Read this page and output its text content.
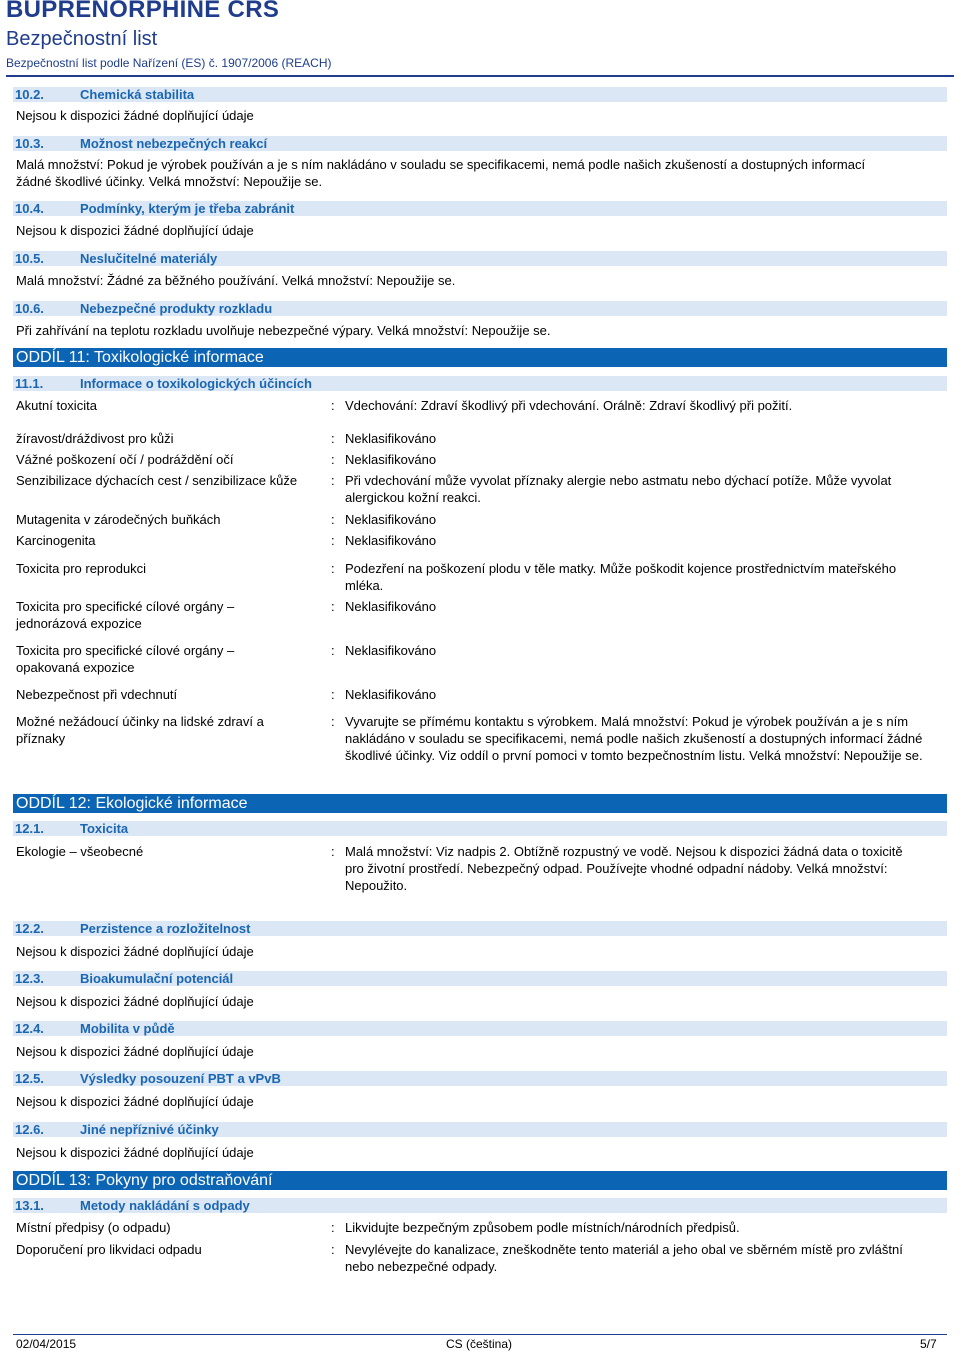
BUPRENORPHINE CRS
Bezpečnostní list
Bezpečnostní list podle Nařízení (ES) č. 1907/2006 (REACH)
10.2.	Chemická stabilita
Nejsou k dispozici žádné doplňující údaje
10.3.	Možnost nebezpečných reakcí
Malá množství: Pokud je výrobek používán a je s ním nakládáno v souladu se specifikacemi, nemá podle našich zkušeností a dostupných informací
žádné škodlivé účinky. Velká množství: Nepoužije se.
10.4.	Podmínky, kterým je třeba zabránit
Nejsou k dispozici žádné doplňující údaje
10.5.	Neslučitelné materiály
Malá množství: Žádné za běžného používání. Velká množství: Nepoužije se.
10.6.	Nebezpečné produkty rozkladu
Při zahřívání na teplotu rozkladu uvolňuje nebezpečné výpary. Velká množství: Nepoužije se.
ODDÍL 11: Toxikologické informace
11.1.	Informace o toxikologických účincích
Akutní toxicita	: Vdechování: Zdraví škodlivý při vdechování. Orálně: Zdraví škodlivý při požití.
žíravost/dráždivost pro kůži	: Neklasifikováno
Vážné poškození očí / podráždění očí	: Neklasifikováno
Senzibilizace dýchacích cest / senzibilizace kůže	: Při vdechování může vyvolat příznaky alergie nebo astmatu nebo dýchací potíže. Může vyvolat alergickou kožní reakci.
Mutagenita v zárodečných buňkách	: Neklasifikováno
Karcinogenita	: Neklasifikováno
Toxicita pro reprodukci	: Podezření na poškození plodu v těle matky. Může poškodit kojence prostřednictvím mateřského mléka.
Toxicita pro specifické cílové orgány – jednorázová expozice
: Neklasifikováno
Toxicita pro specifické cílové orgány – opakovaná expozice
: Neklasifikováno
Nebezpečnost při vdechnutí	: Neklasifikováno
Možné nežádoucí účinky na lidské zdraví a příznaky
: Vyvarujte se přímému kontaktu s výrobkem. Malá množství: Pokud je výrobek používán a je s ním nakládáno v souladu se specifikacemi, nemá podle našich zkušeností a dostupných informací žádné škodlivé účinky. Viz oddíl o první pomoci v tomto bezpečnostním listu. Velká množství: Nepoužije se.
ODDÍL 12: Ekologické informace
12.1.	Toxicita
Ekologie – všeobecné	: Malá množství: Viz nadpis 2. Obtížně rozpustný ve vodě. Nejsou k dispozici žádná data o toxicitě pro životní prostředí. Nebezpečný odpad. Používejte vhodné odpadní nádoby. Velká množství: Nepoužito.
12.2.	Perzistence a rozložitelnost
Nejsou k dispozici žádné doplňující údaje
12.3.	Bioakumulační potenciál
Nejsou k dispozici žádné doplňující údaje
12.4.	Mobilita v půdě
Nejsou k dispozici žádné doplňující údaje
12.5.	Výsledky posouzení PBT a vPvB
Nejsou k dispozici žádné doplňující údaje
12.6.	Jiné nepříznivé účinky
Nejsou k dispozici žádné doplňující údaje
ODDÍL 13: Pokyny pro odstraňování
13.1.	Metody nakládání s odpady
Místní předpisy (o odpadu)	: Likvidujte bezpečným způsobem podle místních/národních předpisů.
Doporučení pro likvidaci odpadu	: Nevylévejte do kanalizace, zneškodněte tento materiál a jeho obal ve sběrném místě pro zvláštní nebo nebezpečné odpady.
02/04/2015	CS (čeština)	5/7
